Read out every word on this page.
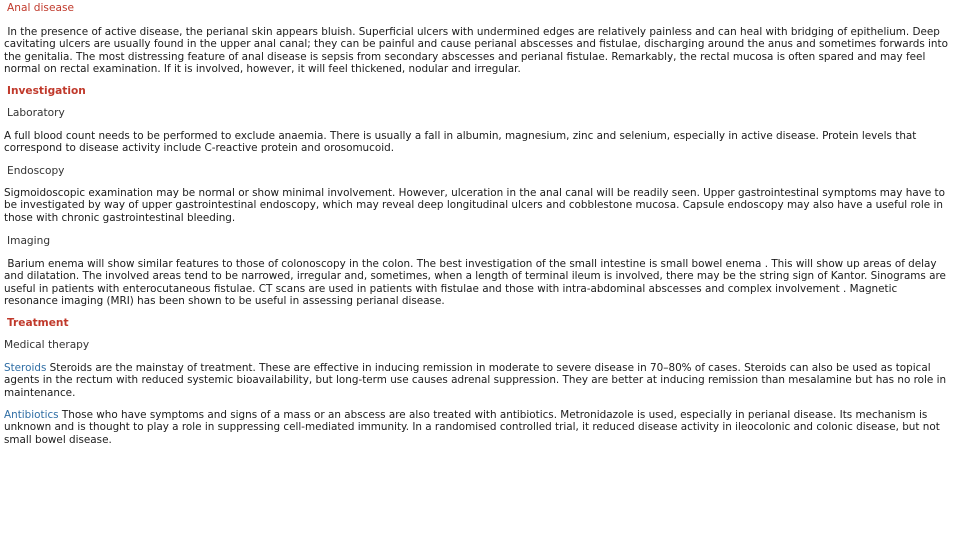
Anal disease

In the presence of active disease, the perianal skin appears bluish. Superficial ulcers with undermined edges are relatively painless and can heal with bridging of epithelium. Deep cavitating ulcers are usually found in the upper anal canal; they can be painful and cause perianal abscesses and fistulae, discharging around the anus and sometimes forwards into the genitalia. The most distressing feature of anal disease is sepsis from secondary abscesses and perianal fistulae. Remarkably, the rectal mucosa is often spared and may feel normal on rectal examination. If it is involved, however, it will feel thickened, nodular and irregular.

Investigation
Laboratory

A full blood count needs to be performed to exclude anaemia. There is usually a fall in albumin, magnesium, zinc and selenium, especially in active disease. Protein levels that correspond to disease activity include C-reactive protein and orosomucoid.

Endoscopy

Sigmoidoscopic examination may be normal or show minimal involvement. However, ulceration in the anal canal will be readily seen. Upper gastrointestinal symptoms may have to be investigated by way of upper gastrointestinal endoscopy, which may reveal deep longitudinal ulcers and cobblestone mucosa. Capsule endoscopy may also have a useful role in those with chronic gastrointestinal bleeding.

Imaging

Barium enema will show similar features to those of colonoscopy in the colon. The best investigation of the small intestine is small bowel enema . This will show up areas of delay and dilatation. The involved areas tend to be narrowed, irregular and, sometimes, when a length of terminal ileum is involved, there may be the string sign of Kantor. Sinograms are useful in patients with enterocutaneous fistulae. CT scans are used in patients with fistulae and those with intra-abdominal abscesses and complex involvement . Magnetic resonance imaging (MRI) has been shown to be useful in assessing perianal disease.

Treatment
Medical therapy

Steroids Steroids are the mainstay of treatment. These are effective in inducing remission in moderate to severe disease in 70–80% of cases. Steroids can also be used as topical agents in the rectum with reduced systemic bioavailability, but long-term use causes adrenal suppression. They are better at inducing remission than mesalamine but has no role in maintenance.

Antibiotics Those who have symptoms and signs of a mass or an abscess are also treated with antibiotics. Metronidazole is used, especially in perianal disease. Its mechanism is unknown and is thought to play a role in suppressing cell-mediated immunity. In a randomised controlled trial, it reduced disease activity in ileocolonic and colonic disease, but not small bowel disease.
